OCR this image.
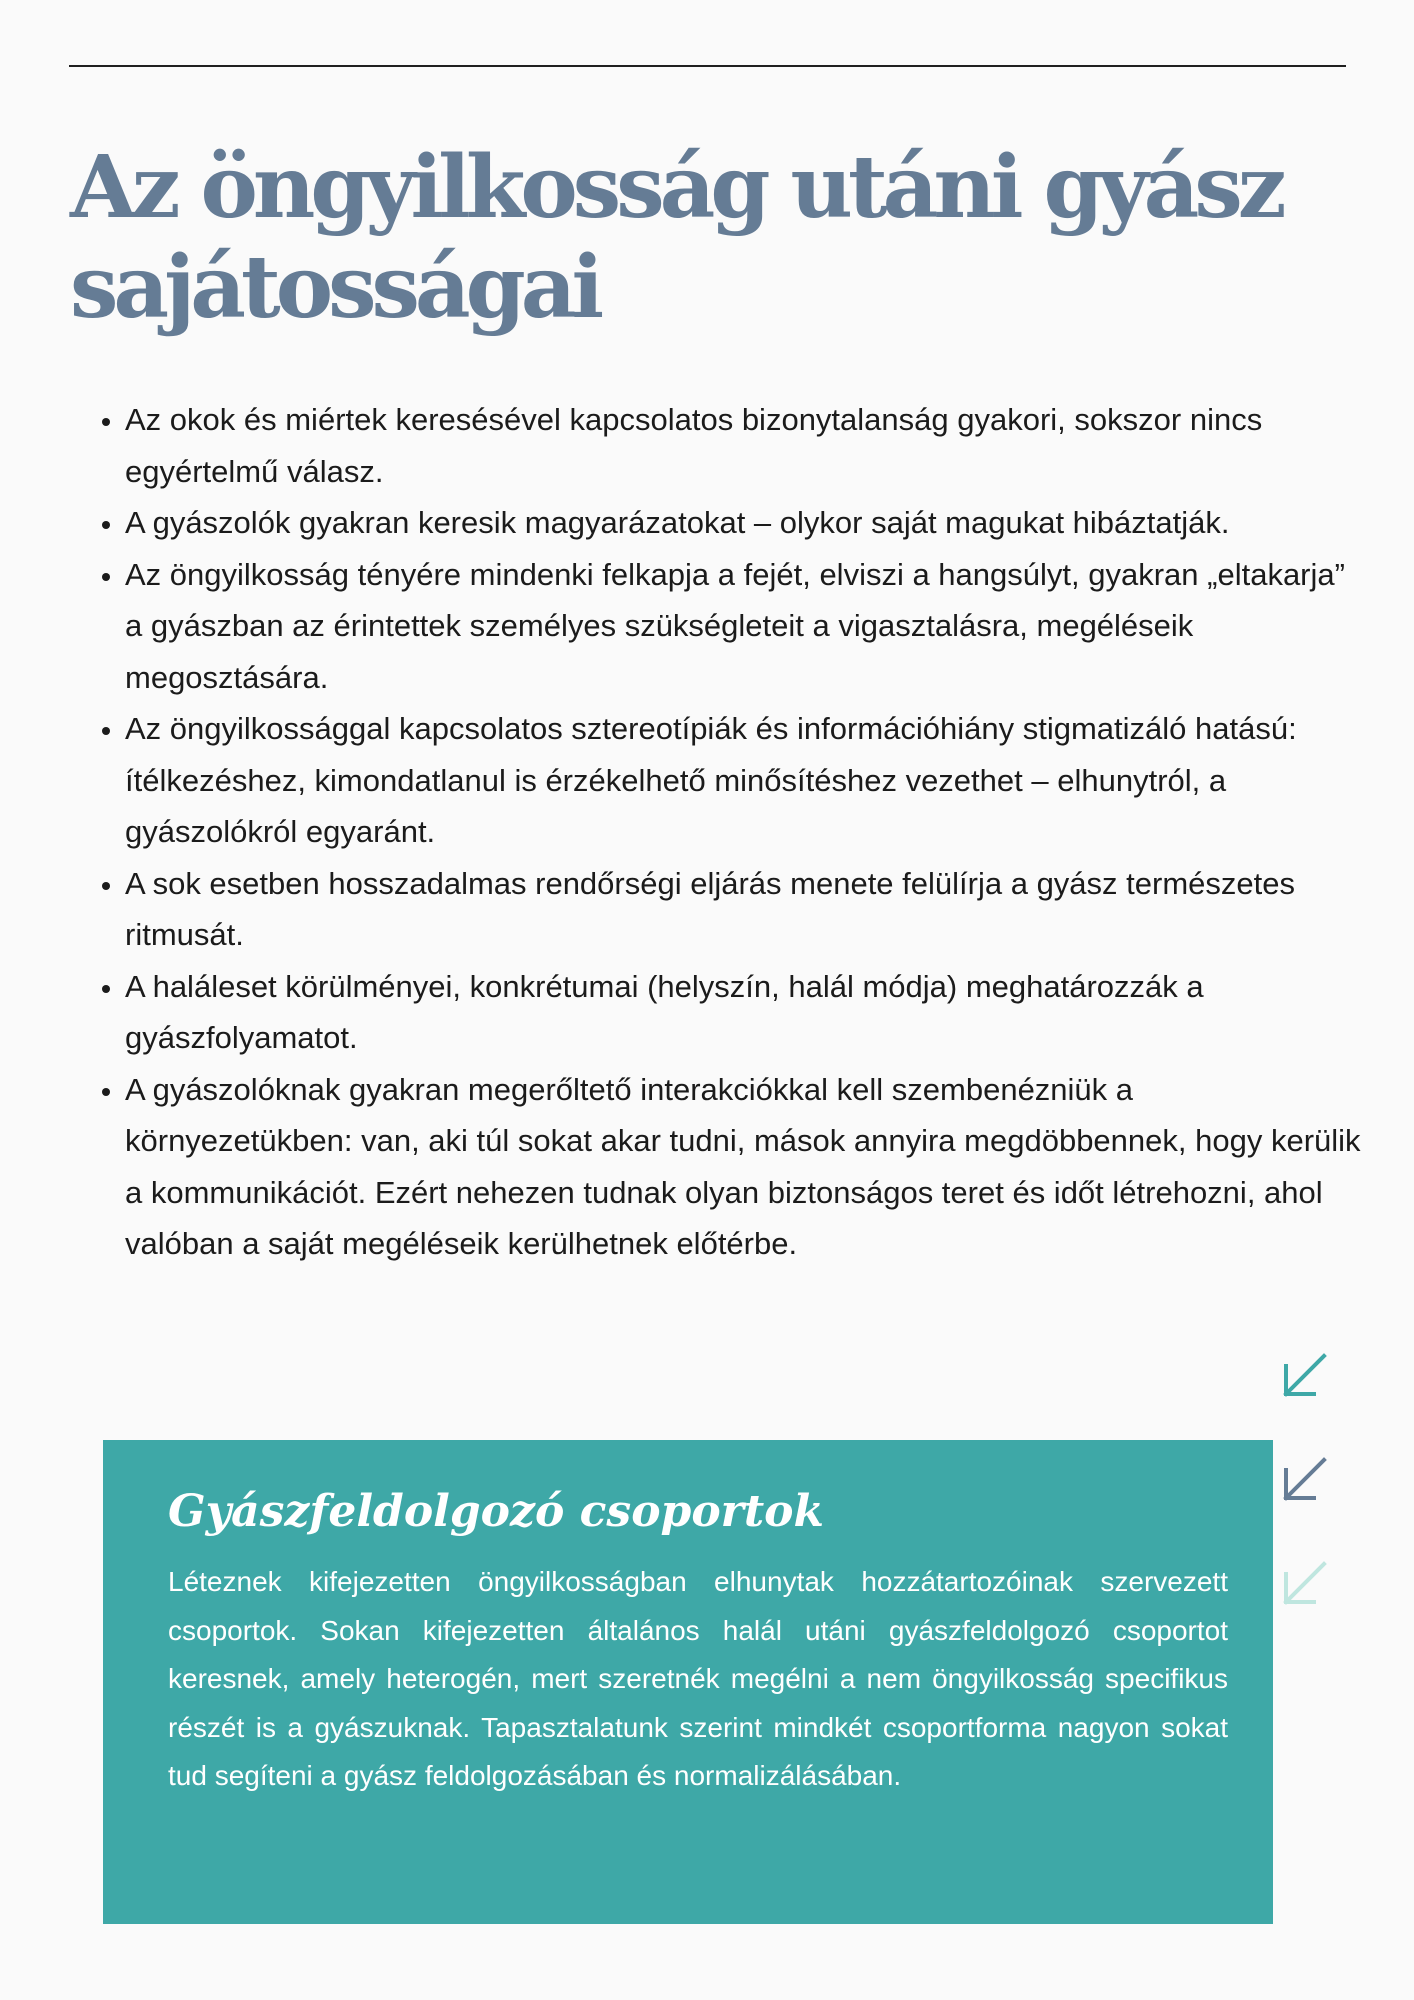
Az öngyilkosság utáni gyász sajátosságai
• Az okok és miértek keresésével kapcsolatos bizonytalanság gyakori, sokszor nincs egyértelmű válasz.
• A gyászolók gyakran keresik magyarázatokat – olykor saját magukat hibáztatják.
• Az öngyilkosság tényére mindenki felkapja a fejét, elviszi a hangsúlyt, gyakran „eltakarja” a gyászban az érintettek személyes szükségleteit a vigasztalásra, megéléseik megosztására.
• Az öngyilkossággal kapcsolatos sztereotípiák és információhiány stigmatizáló hatású: ítélkezéshez, kimondatlanul is érzékelhető minősítéshez vezethet – elhunytról, a gyászolókról egyaránt.
• A sok esetben hosszadalmas rendőrségi eljárás menete felülírja a gyász természetes ritmusát.
• A haláleset körülményei, konkrétumai (helyszín, halál módja) meghatározzák a gyászfolyamatot.
• A gyászolóknak gyakran megerőltető interakciókkal kell szembenézniük a környezetükben: van, aki túl sokat akar tudni, mások annyira megdöbbennek, hogy kerülik a kommunikációt. Ezért nehezen tudnak olyan biztonságos teret és időt létrehozni, ahol valóban a saját megéléseik kerülhetnek előtérbe.
Gyászfeldolgozó csoportok

Léteznek kifejezetten öngyilkosságban elhunytak hozzátartozóinak szervezett csoportok. Sokan kifejezetten általános halál utáni gyászfeldolgozó csoportot keresnek, amely heterogén, mert szeretnék megélni a nem öngyilkosság specifikus részét is a gyászuknak. Tapasztalatunk szerint mindkét csoportforma nagyon sokat tud segíteni a gyász feldolgozásában és normalizálásában.
